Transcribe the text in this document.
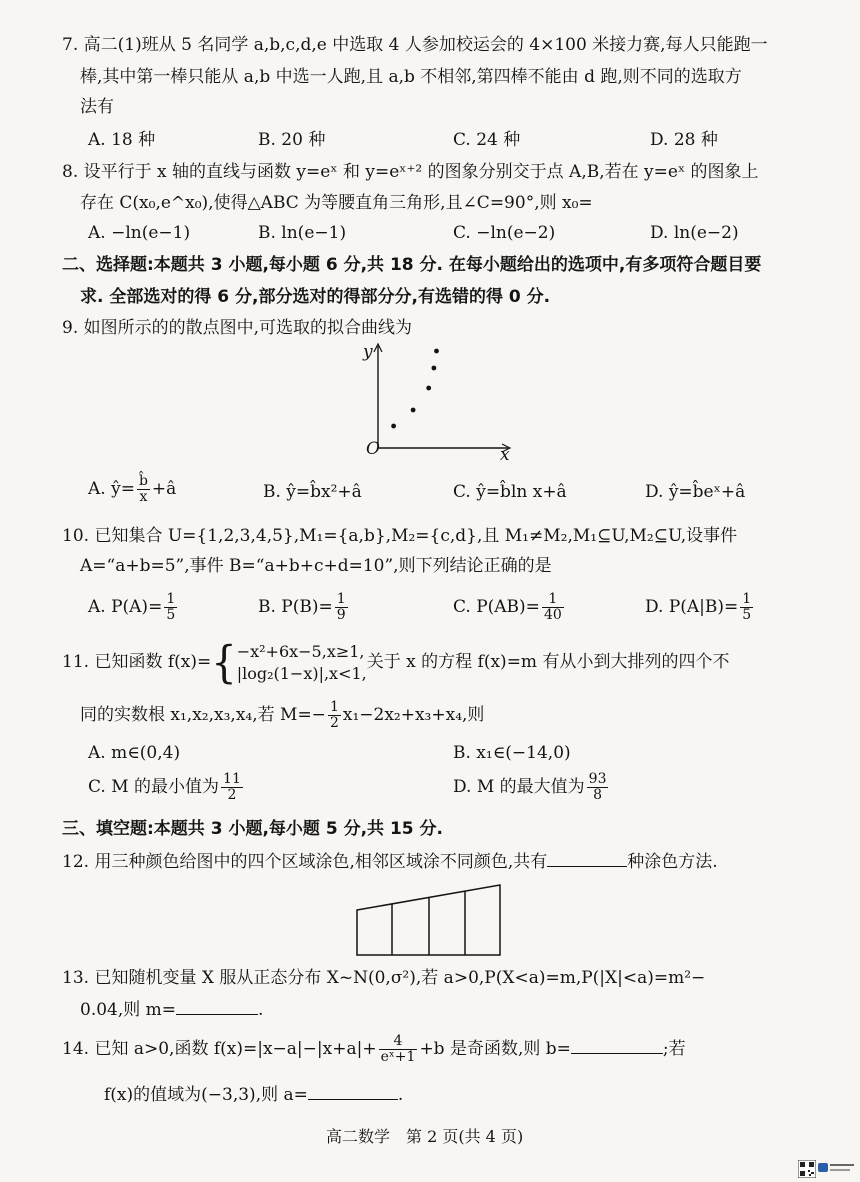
7. 高二(1)班从 5 名同学 a,b,c,d,e 中选取 4 人参加校运会的 4×100 米接力赛,每人只能跑一
棒,其中第一棒只能从 a,b 中选一人跑,且 a,b 不相邻,第四棒不能由 d 跑,则不同的选取方
法有
A. 18 种	B. 20 种	C. 24 种	D. 28 种
8. 设平行于 x 轴的直线与函数 y=eˣ 和 y=eˣ⁺² 的图象分别交于点 A,B,若在 y=eˣ 的图象上
存在 C(x₀,e^x₀),使得△ABC 为等腰直角三角形,且∠C=90°,则 x₀=
A. −ln(e−1)	B. ln(e−1)	C. −ln(e−2)	D. ln(e−2)
二、选择题:本题共 3 小题,每小题 6 分,共 18 分. 在每小题给出的选项中,有多项符合题目要
求. 全部选对的得 6 分,部分选对的得部分分,有选错的得 0 分.
9. 如图所示的的散点图中,可选取的拟合曲线为
y
O	x
A. ŷ= $\frac{b̂}{x}$ +â	B. ŷ=b̂x²+â	C. ŷ=b̂ln x+â	D. ŷ=b̂eˣ+â
10. 已知集合 U={1,2,3,4,5},M₁={a,b},M₂={c,d},且 M₁≠M₂,M₁⊆U,M₂⊆U,设事件
A=“a+b=5”,事件 B=“a+b+c+d=10”,则下列结论正确的是
A. $P(A)= \frac{1}{5}$	B. $P(B)= \frac{1}{9}$	C. $P(AB)= \frac{1}{40}$	D. $P(A|B)= \frac{1}{5}$
11. 已知函数 f(x)={ −x²+6x−5,x≥1,
|log₂(1−x)|,x<1,
关于 x 的方程 f(x)=m 有从小到大排列的四个不
同的实数根 x₁,x₂,x₃,x₄,若 $M=- \frac{1}{2} x_1-2x_2+x_3+x_4$,则
A. m∈(0,4)	B. x₁∈(−14,0)
C. M 的最小值为 $\frac{11}{2}$	D. M 的最大值为 $\frac{93}{8}$
三、填空题:本题共 3 小题,每小题 5 分,共 15 分.
12. 用三种颜色给图中的四个区域涂色,相邻区域涂不同颜色,共有	种涂色方法.
13. 已知随机变量 X 服从正态分布 X~N(0,σ²),若 a>0,P(X<a)=m,P(|X|<a)=m²−
0.04,则 m=	.
14. 已知 a>0,函数 $f(x)=|x-a|-|x+a|+ \frac{4}{\text{eˣ+1}} +b$ 是奇函数,则 b=	;若
f(x)的值域为(−3,3),则 a=	.
高二数学　第 2 页(共 4 页)
